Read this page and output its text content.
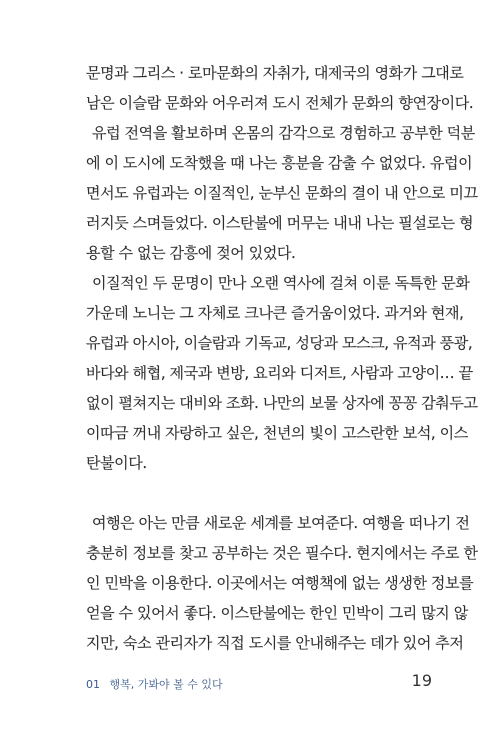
문명과 그리스 · 로마문화의 자취가, 대제국의 영화가 그대로
남은 이슬람 문화와 어우러져 도시 전체가 문화의 향연장이다.
유럽 전역을 활보하며 온몸의 감각으로 경험하고 공부한 덕분
에 이 도시에 도착했을 때 나는 흥분을 감출 수 없었다. 유럽이
면서도 유럽과는 이질적인, 눈부신 문화의 결이 내 안으로 미끄
러지듯 스며들었다. 이스탄불에 머무는 내내 나는 필설로는 형
용할 수 없는 감흥에 젖어 있었다.
이질적인 두 문명이 만나 오랜 역사에 걸쳐 이룬 독특한 문화
가운데 노니는 그 자체로 크나큰 즐거움이었다. 과거와 현재,
유럽과 아시아, 이슬람과 기독교, 성당과 모스크, 유적과 풍광,
바다와 해협, 제국과 변방, 요리와 디저트, 사람과 고양이… 끝
없이 펼쳐지는 대비와 조화. 나만의 보물 상자에 꽁꽁 감춰두고
이따금 꺼내 자랑하고 싶은, 천년의 빛이 고스란한 보석, 이스
탄불이다.
여행은 아는 만큼 새로운 세계를 보여준다. 여행을 떠나기 전
충분히 정보를 찾고 공부하는 것은 필수다. 현지에서는 주로 한
인 민박을 이용한다. 이곳에서는 여행책에 없는 생생한 정보를
얻을 수 있어서 좋다. 이스탄불에는 한인 민박이 그리 많지 않
지만, 숙소 관리자가 직접 도시를 안내해주는 데가 있어 추저
01 행복, 가봐야 볼 수 있다	19
